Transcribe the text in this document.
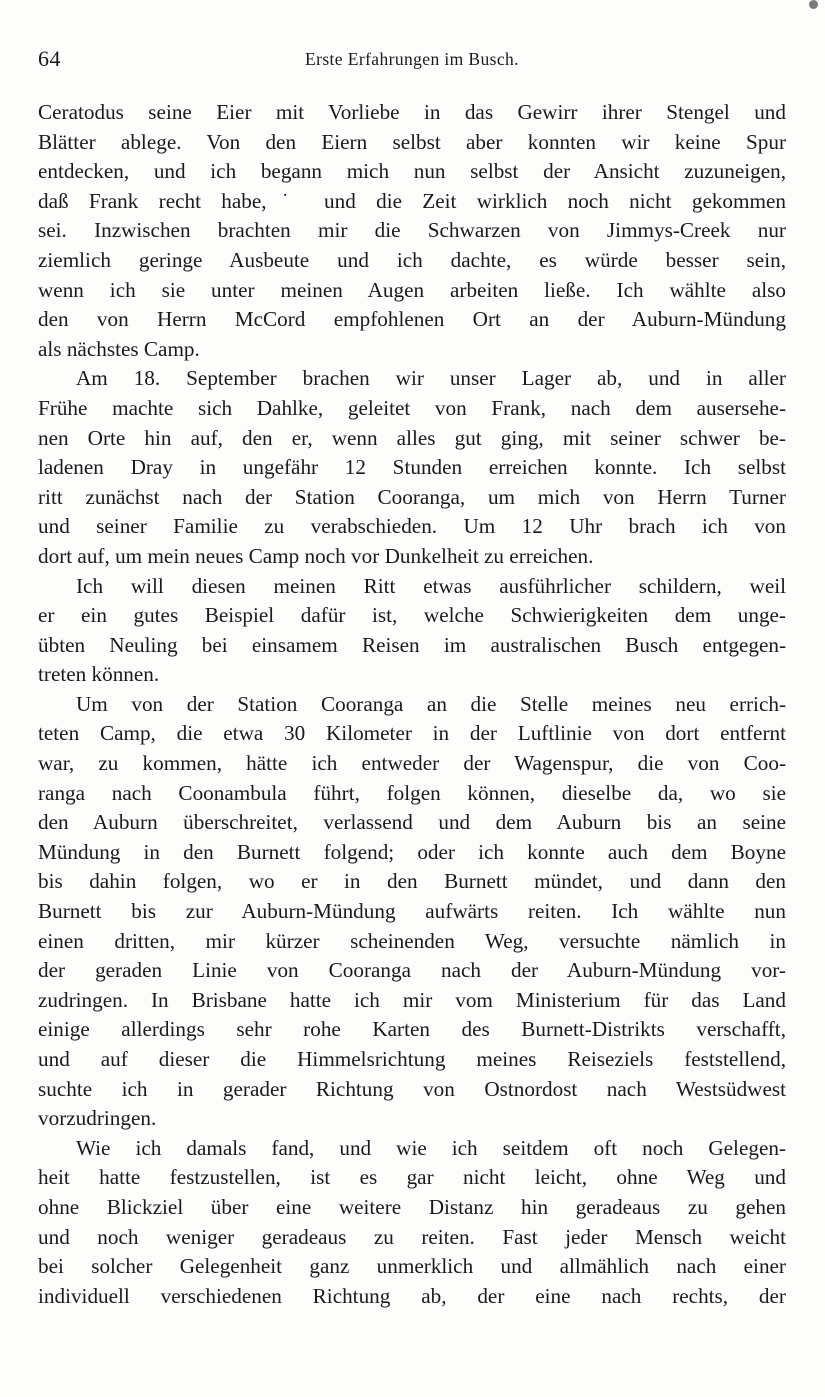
64	Erste Erfahrungen im Busch.
Ceratodus seine Eier mit Vorliebe in das Gewirr ihrer Stengel und
Blätter ablege. Von den Eiern selbst aber konnten wir keine Spur
entdecken, und ich begann mich nun selbst der Ansicht zuzuneigen,
daß Frank recht habe,˙ und die Zeit wirklich noch nicht gekommen
sei. Inzwischen brachten mir die Schwarzen von Jimmys-Creek nur
ziemlich geringe Ausbeute und ich dachte, es würde besser sein,
wenn ich sie unter meinen Augen arbeiten ließe. Ich wählte also
den von Herrn McCord empfohlenen Ort an der Auburn-Mündung
als nächstes Camp.
Am 18. September brachen wir unser Lager ab, und in aller
Frühe machte sich Dahlke, geleitet von Frank, nach dem ausersehe-
nen Orte hin auf, den er, wenn alles gut ging, mit seiner schwer be-
ladenen Dray in ungefähr 12 Stunden erreichen konnte. Ich selbst
ritt zunächst nach der Station Cooranga, um mich von Herrn Turner
und seiner Familie zu verabschieden. Um 12 Uhr brach ich von
dort auf, um mein neues Camp noch vor Dunkelheit zu erreichen.
Ich will diesen meinen Ritt etwas ausführlicher schildern, weil
er ein gutes Beispiel dafür ist, welche Schwierigkeiten dem unge-
übten Neuling bei einsamem Reisen im australischen Busch entgegen-
treten können.
Um von der Station Cooranga an die Stelle meines neu errich-
teten Camp, die etwa 30 Kilometer in der Luftlinie von dort entfernt
war, zu kommen, hätte ich entweder der Wagenspur, die von Coo-
ranga nach Coonambula führt, folgen können, dieselbe da, wo sie
den Auburn überschreitet, verlassend und dem Auburn bis an seine
Mündung in den Burnett folgend; oder ich konnte auch dem Boyne
bis dahin folgen, wo er in den Burnett mündet, und dann den
Burnett bis zur Auburn-Mündung aufwärts reiten. Ich wählte nun
einen dritten, mir kürzer scheinenden Weg, versuchte nämlich in
der geraden Linie von Cooranga nach der Auburn-Mündung vor-
zudringen. In Brisbane hatte ich mir vom Ministerium für das Land
einige allerdings sehr rohe Karten des Burnett-Distrikts verschafft,
und auf dieser die Himmelsrichtung meines Reiseziels feststellend,
suchte ich in gerader Richtung von Ostnordost nach Westsüdwest
vorzudringen.
Wie ich damals fand, und wie ich seitdem oft noch Gelegen-
heit hatte festzustellen, ist es gar nicht leicht, ohne Weg und
ohne Blickziel über eine weitere Distanz hin geradeaus zu gehen
und noch weniger geradeaus zu reiten. Fast jeder Mensch weicht
bei solcher Gelegenheit ganz unmerklich und allmählich nach einer
individuell verschiedenen Richtung ab, der eine nach rechts, der
